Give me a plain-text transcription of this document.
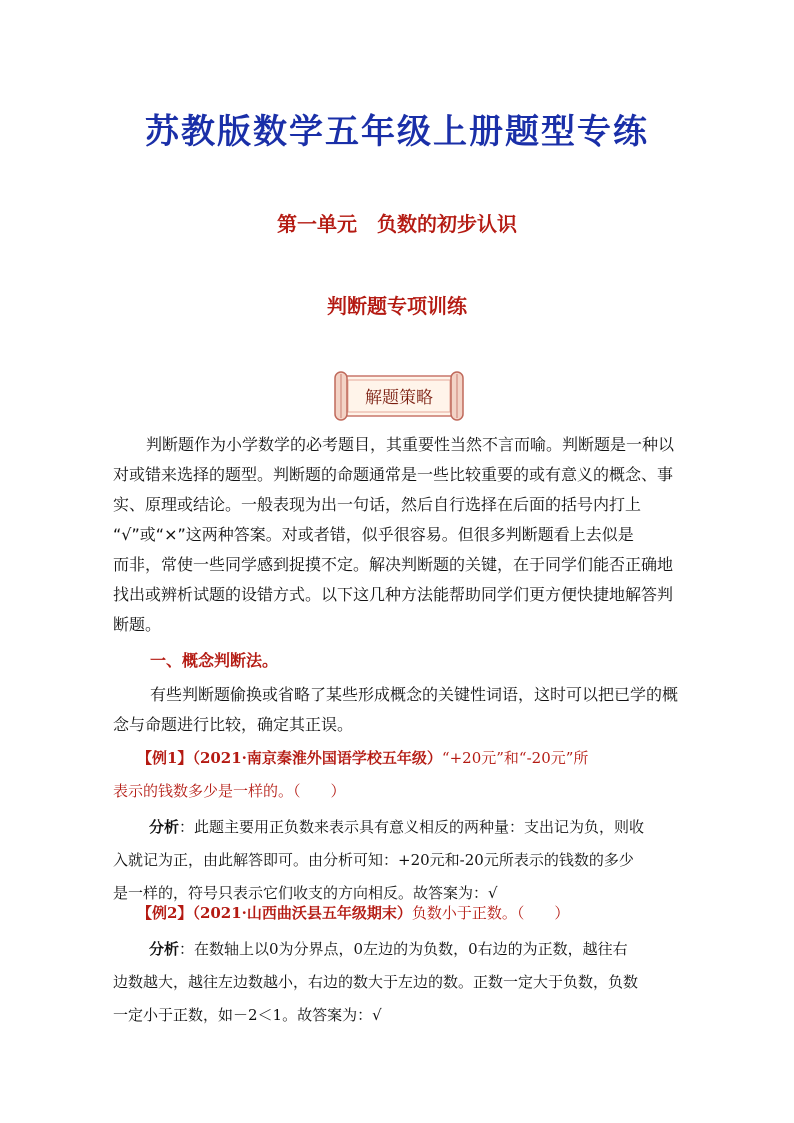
苏教版数学五年级上册题型专练
第一单元　负数的初步认识
判断题专项训练
解题策略
判断题作为小学数学的必考题目，其重要性当然不言而喻。判断题是一种以
对或错来选择的题型。判断题的命题通常是一些比较重要的或有意义的概念、事
实、原理或结论。一般表现为出一句话，然后自行选择在后面的括号内打上
“√”或“×”这两种答案。对或者错，似乎很容易。但很多判断题看上去似是
而非，常使一些同学感到捉摸不定。解决判断题的关键，在于同学们能否正确地
找出或辨析试题的设错方式。以下这几种方法能帮助同学们更方便快捷地解答判
断题。
一、概念判断法。
有些判断题偷换或省略了某些形成概念的关键性词语，这时可以把已学的概
念与命题进行比较，确定其正误。
【例1】（2021·南京秦淮外国语学校五年级）“+20元”和“-20元”所
表示的钱数多少是一样的。（　　）
分析：此题主要用正负数来表示具有意义相反的两种量：支出记为负，则收
入就记为正，由此解答即可。由分析可知：+20元和-20元所表示的钱数的多少
是一样的，符号只表示它们收支的方向相反。故答案为：√
【例2】（2021·山西曲沃县五年级期末）负数小于正数。（　　）
分析：在数轴上以0为分界点，0左边的为负数，0右边的为正数，越往右
边数越大，越往左边数越小，右边的数大于左边的数。正数一定大于负数，负数
一定小于正数，如－2＜1。故答案为：√
